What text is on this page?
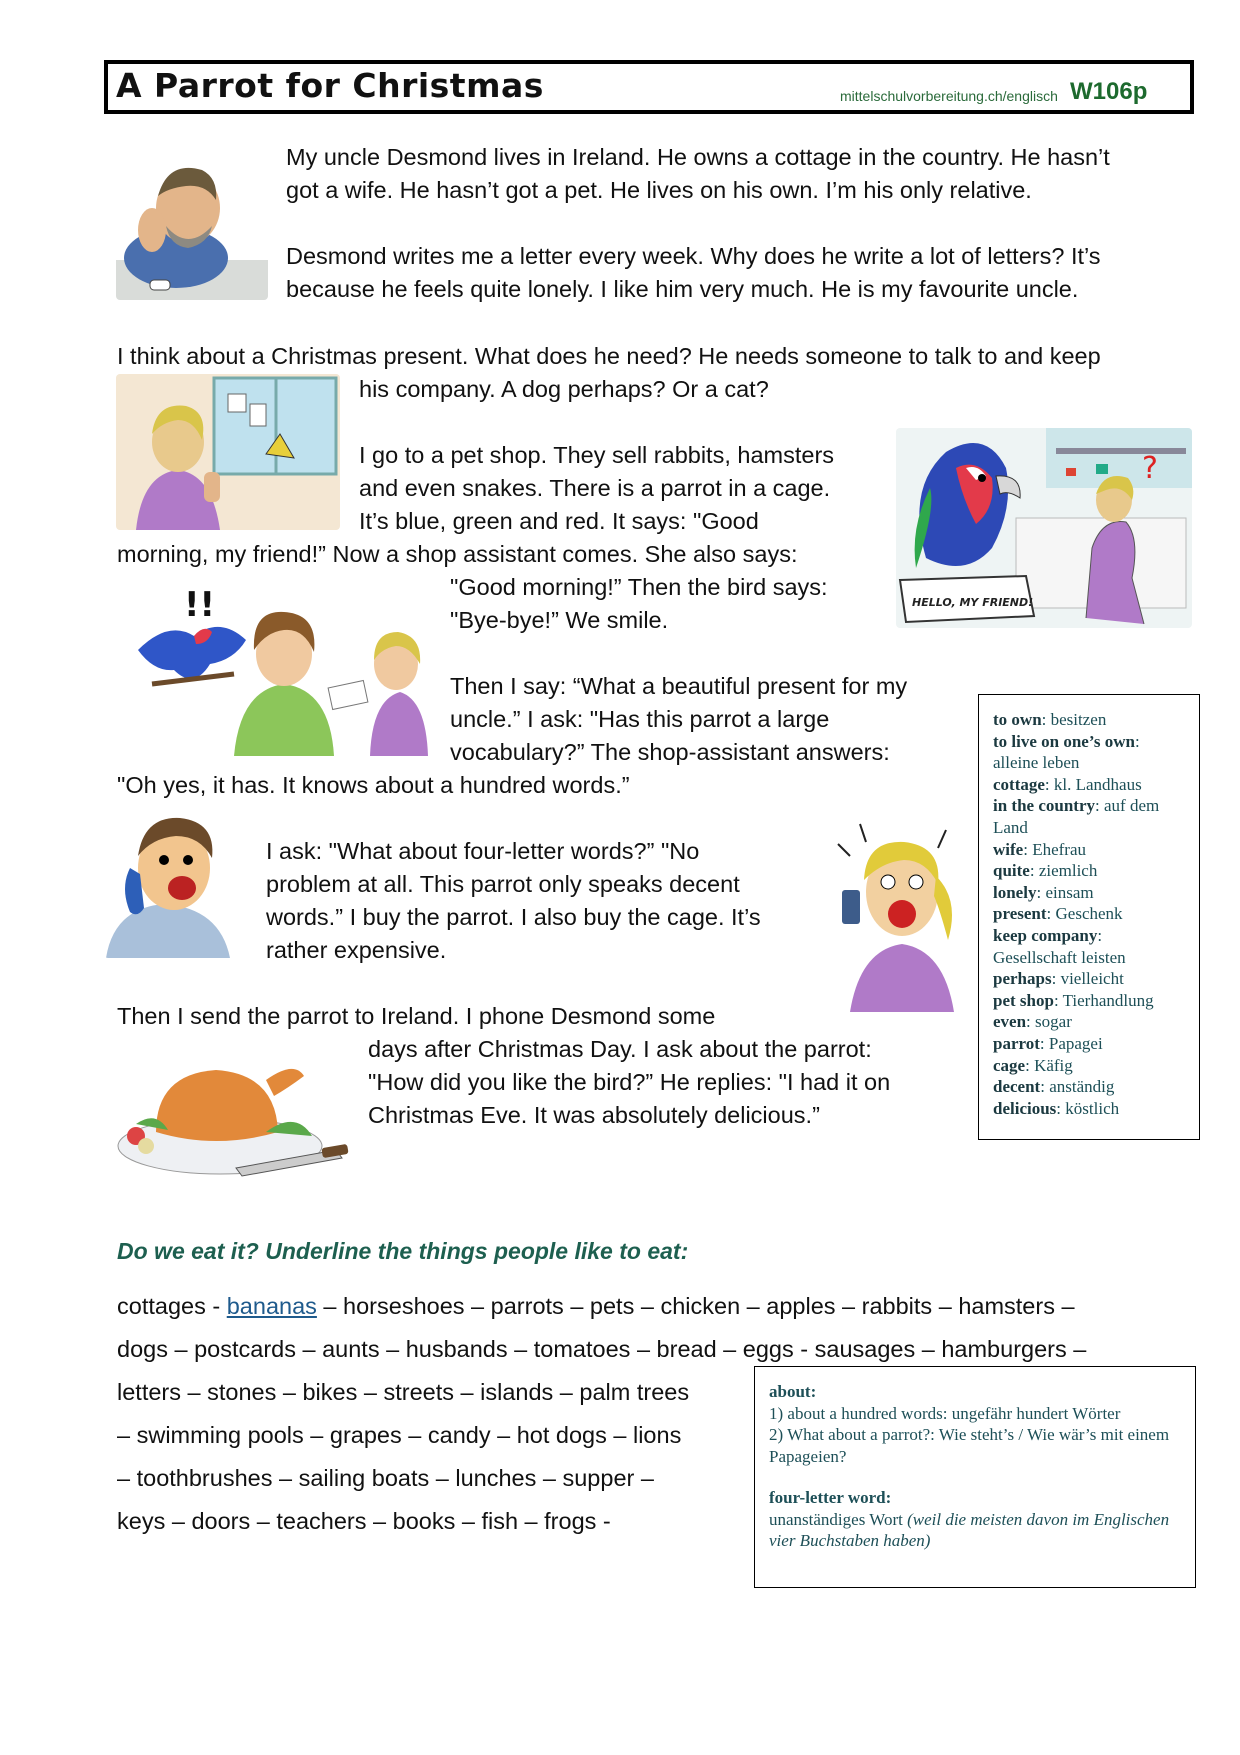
A Parrot for Christmas	mittelschulvorbereitung.ch/englisch W106p
?
HELLO, MY FRIEND!
!!

My uncle Desmond lives in Ireland. He owns a cottage in the country. He hasn’t

got a wife. He hasn’t got a pet. He lives on his own. I’m his only relative.

Desmond writes me a letter every week. Why does he write a lot of letters? It’s

because he feels quite lonely. I like him very much. He is my favourite uncle.

I think about a Christmas present. What does he need? He needs someone to talk to and keep

his company. A dog perhaps? Or a cat?

I go to a pet shop. They sell rabbits, hamsters

and even snakes. There is a parrot in a cage.

It’s blue, green and red. It says: "Good

morning, my friend!” Now a shop assistant comes. She also says:

"Good morning!” Then the bird says:

"Bye-bye!” We smile.

Then I say: “What a beautiful present for my

uncle.” I ask: "Has this parrot a large

vocabulary?” The shop-assistant answers:

"Oh yes, it has. It knows about a hundred words.”

I ask: "What about four-letter words?” "No

problem at all. This parrot only speaks decent

words.” I buy the parrot. I also buy the cage. It’s

rather expensive.

Then I send the parrot to Ireland. I phone Desmond some

days after Christmas Day. I ask about the parrot:

"How did you like the bird?” He replies: "I had it on

Christmas Eve. It was absolutely delicious.”

to own: besitzen
to live on one’s own: alleine leben
cottage: kl. Landhaus
in the country: auf dem Land
wife: Ehefrau
quite: ziemlich
lonely: einsam
present: Geschenk
keep company: Gesellschaft leisten
perhaps: vielleicht
pet shop: Tierhandlung
even: sogar
parrot: Papagei
cage: Käfig
decent: anständig
delicious: köstlich
Do we eat it? Underline the things people like to eat:

cottages - bananas – horseshoes – parrots – pets – chicken – apples – rabbits – hamsters –

dogs – postcards – aunts – husbands – tomatoes – bread – eggs - sausages – hamburgers –

letters – stones – bikes – streets – islands – palm trees

– swimming pools – grapes – candy – hot dogs – lions

– toothbrushes – sailing boats – lunches – supper –

keys – doors – teachers – books – fish – frogs -

about:
1) about a hundred words: ungefähr hundert Wörter
2) What about a parrot?: Wie steht’s / Wie wär’s mit einem Papageien?
four-letter word:
unanständiges Wort (weil die meisten davon im Englischen vier Buchstaben haben)
